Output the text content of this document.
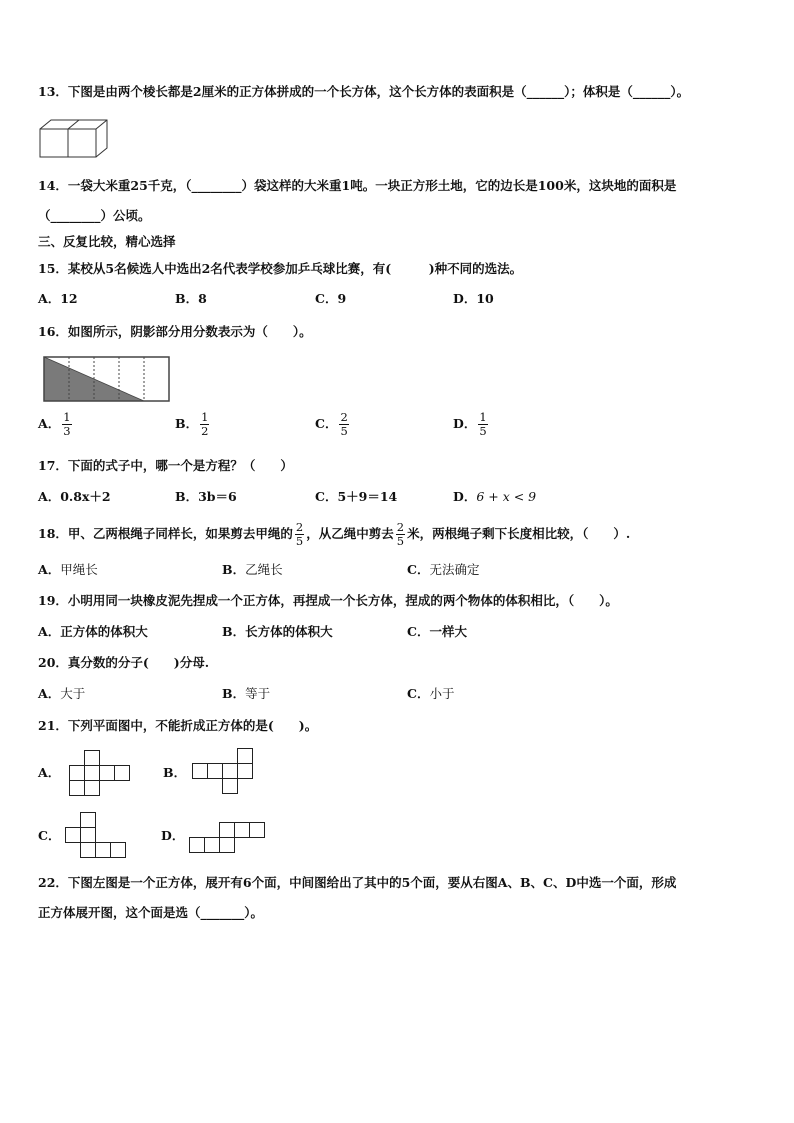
13．下图是由两个棱长都是2厘米的正方体拼成的一个长方体，这个长方体的表面积是（______）；体积是（______）。
14．一袋大米重25千克，（________）袋这样的大米重1吨。一块正方形土地，它的边长是100米，这块地的面积是
（________）公顷。
三、反复比较，精心选择
15．某校从5名候选人中选出2名代表学校参加乒乓球比赛，有(　　　)种不同的选法。
A．12	B．8	C．9	D．10
16．如图所示，阴影部分用分数表示为（　　）。
A． $\frac{1}{3}$	B． $\frac{1}{2}$	C． $\frac{2}{5}$	D． $\frac{1}{5}$
17．下面的式子中，哪一个是方程？（　　）
A．0.8x＋2	B．3b＝6	C．5＋9＝14	D．6 + x < 9
18．甲、乙两根绳子同样长，如果剪去甲绳的 $\frac{2}{5}$ ，从乙绳中剪去 $\frac{2}{5}$ 米，两根绳子剩下长度相比较，（　　）.
A．甲绳长	B．乙绳长	C．无法确定
19．小明用同一块橡皮泥先捏成一个正方体，再捏成一个长方体，捏成的两个物体的体积相比，（　　）。
A．正方体的体积大	B．长方体的体积大	C．一样大
20．真分数的分子(　　)分母.
A．大于	B．等于	C．小于
21．下列平面图中，不能折成正方体的是(　　)。
A．	B．
C．	D．
22．下图左图是一个正方体，展开有6个面，中间图给出了其中的5个面，要从右图A、B、C、D中选一个面，形成
正方体展开图，这个面是选（_______）。
